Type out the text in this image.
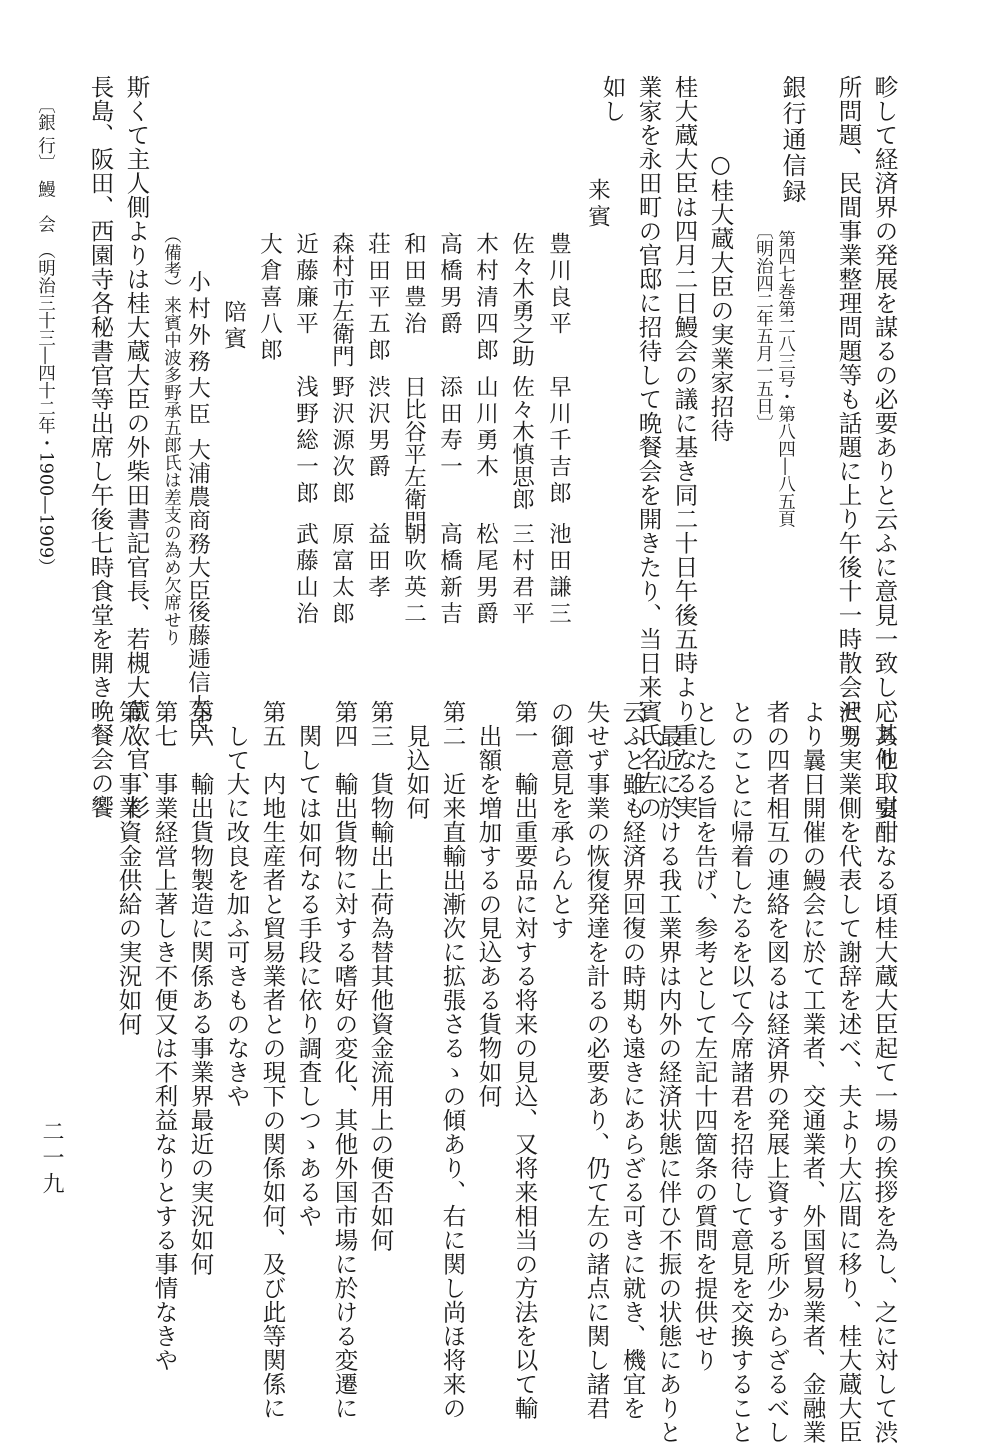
畛して経済界の発展を謀るの必要ありと云ふに意見一致し、其他取引

所問題、民間事業整理問題等も話題に上り午後十一時散会せり

銀行通信録

第四七巻第二八三号・第八四―八五頁

〔明治四二年五月一五日〕

○桂大蔵大臣の実業家招待

桂大蔵大臣は四月二日鰻会の議に基き同二十日午後五時より重なる実

業家を永田町の官邸に招待して晩餐会を開きたり、当日来賓氏名左の

如し

来賓

豊川良平

早川千吉郎

池田謙三

佐々木勇之助

佐々木慎思郎

三村君平

木村清四郎

山川勇木

松尾男爵

高橋男爵

添田寿一

高橋新吉

和田豊治

日比谷平左衛門

朝吹英二

荘田平五郎

渋沢男爵

益田孝

森村市左衛門

野沢源次郎

原富太郎

近藤廉平

浅野総一郎

武藤山治

大倉喜八郎

陪賓

小村外務大臣

大浦農商務大臣

後藤逓信大臣

（備考）来賓中波多野承五郎氏は差支の為め欠席せり

斯くて主人側よりは桂大蔵大臣の外柴田書記官長、若槻大蔵次官、杉

長島、阪田、西園寺各秘書官等出席し午後七時食堂を開き晩餐会の饗

〔銀 行〕　鰻　会　（明治三十三―四十二年・1900―1909）

応あり、宴酣なる頃桂大蔵大臣起て一場の挨拶を為し、之に対して渋

沢男実業側を代表して謝辞を述べ、夫より大広間に移り、桂大蔵大臣

より曩日開催の鰻会に於て工業者、交通業者、外国貿易業者、金融業

者の四者相互の連絡を図るは経済界の発展上資する所少からざるべし

とのことに帰着したるを以て今席諸君を招待して意見を交換すること

としたる旨を告げ、参考として左記十四箇条の質問を提供せり

最近に於ける我工業界は内外の経済状態に伴ひ不振の状態にありと

云ふと雖も経済界回復の時期も遠きにあらざる可きに就き、機宜を

失せず事業の恢復発達を計るの必要あり、仍て左の諸点に関し諸君

の御意見を承らんとす

第一　輸出重要品に対する将来の見込、又将来相当の方法を以て輸

出額を増加するの見込ある貨物如何

第二　近来直輸出漸次に拡張さるゝの傾あり、右に関し尚ほ将来の

見込如何

第三　貨物輸出上荷為替其他資金流用上の便否如何

第四　輸出貨物に対する嗜好の変化、其他外国市場に於ける変遷に

関しては如何なる手段に依り調査しつゝあるや

第五　内地生産者と貿易業者との現下の関係如何、及び此等関係に

して大に改良を加ふ可きものなきや

第六　輸出貨物製造に関係ある事業界最近の実況如何

第七　事業経営上著しき不便又は不利益なりとする事情なきや

第八　事業資金供給の実況如何

二一九
